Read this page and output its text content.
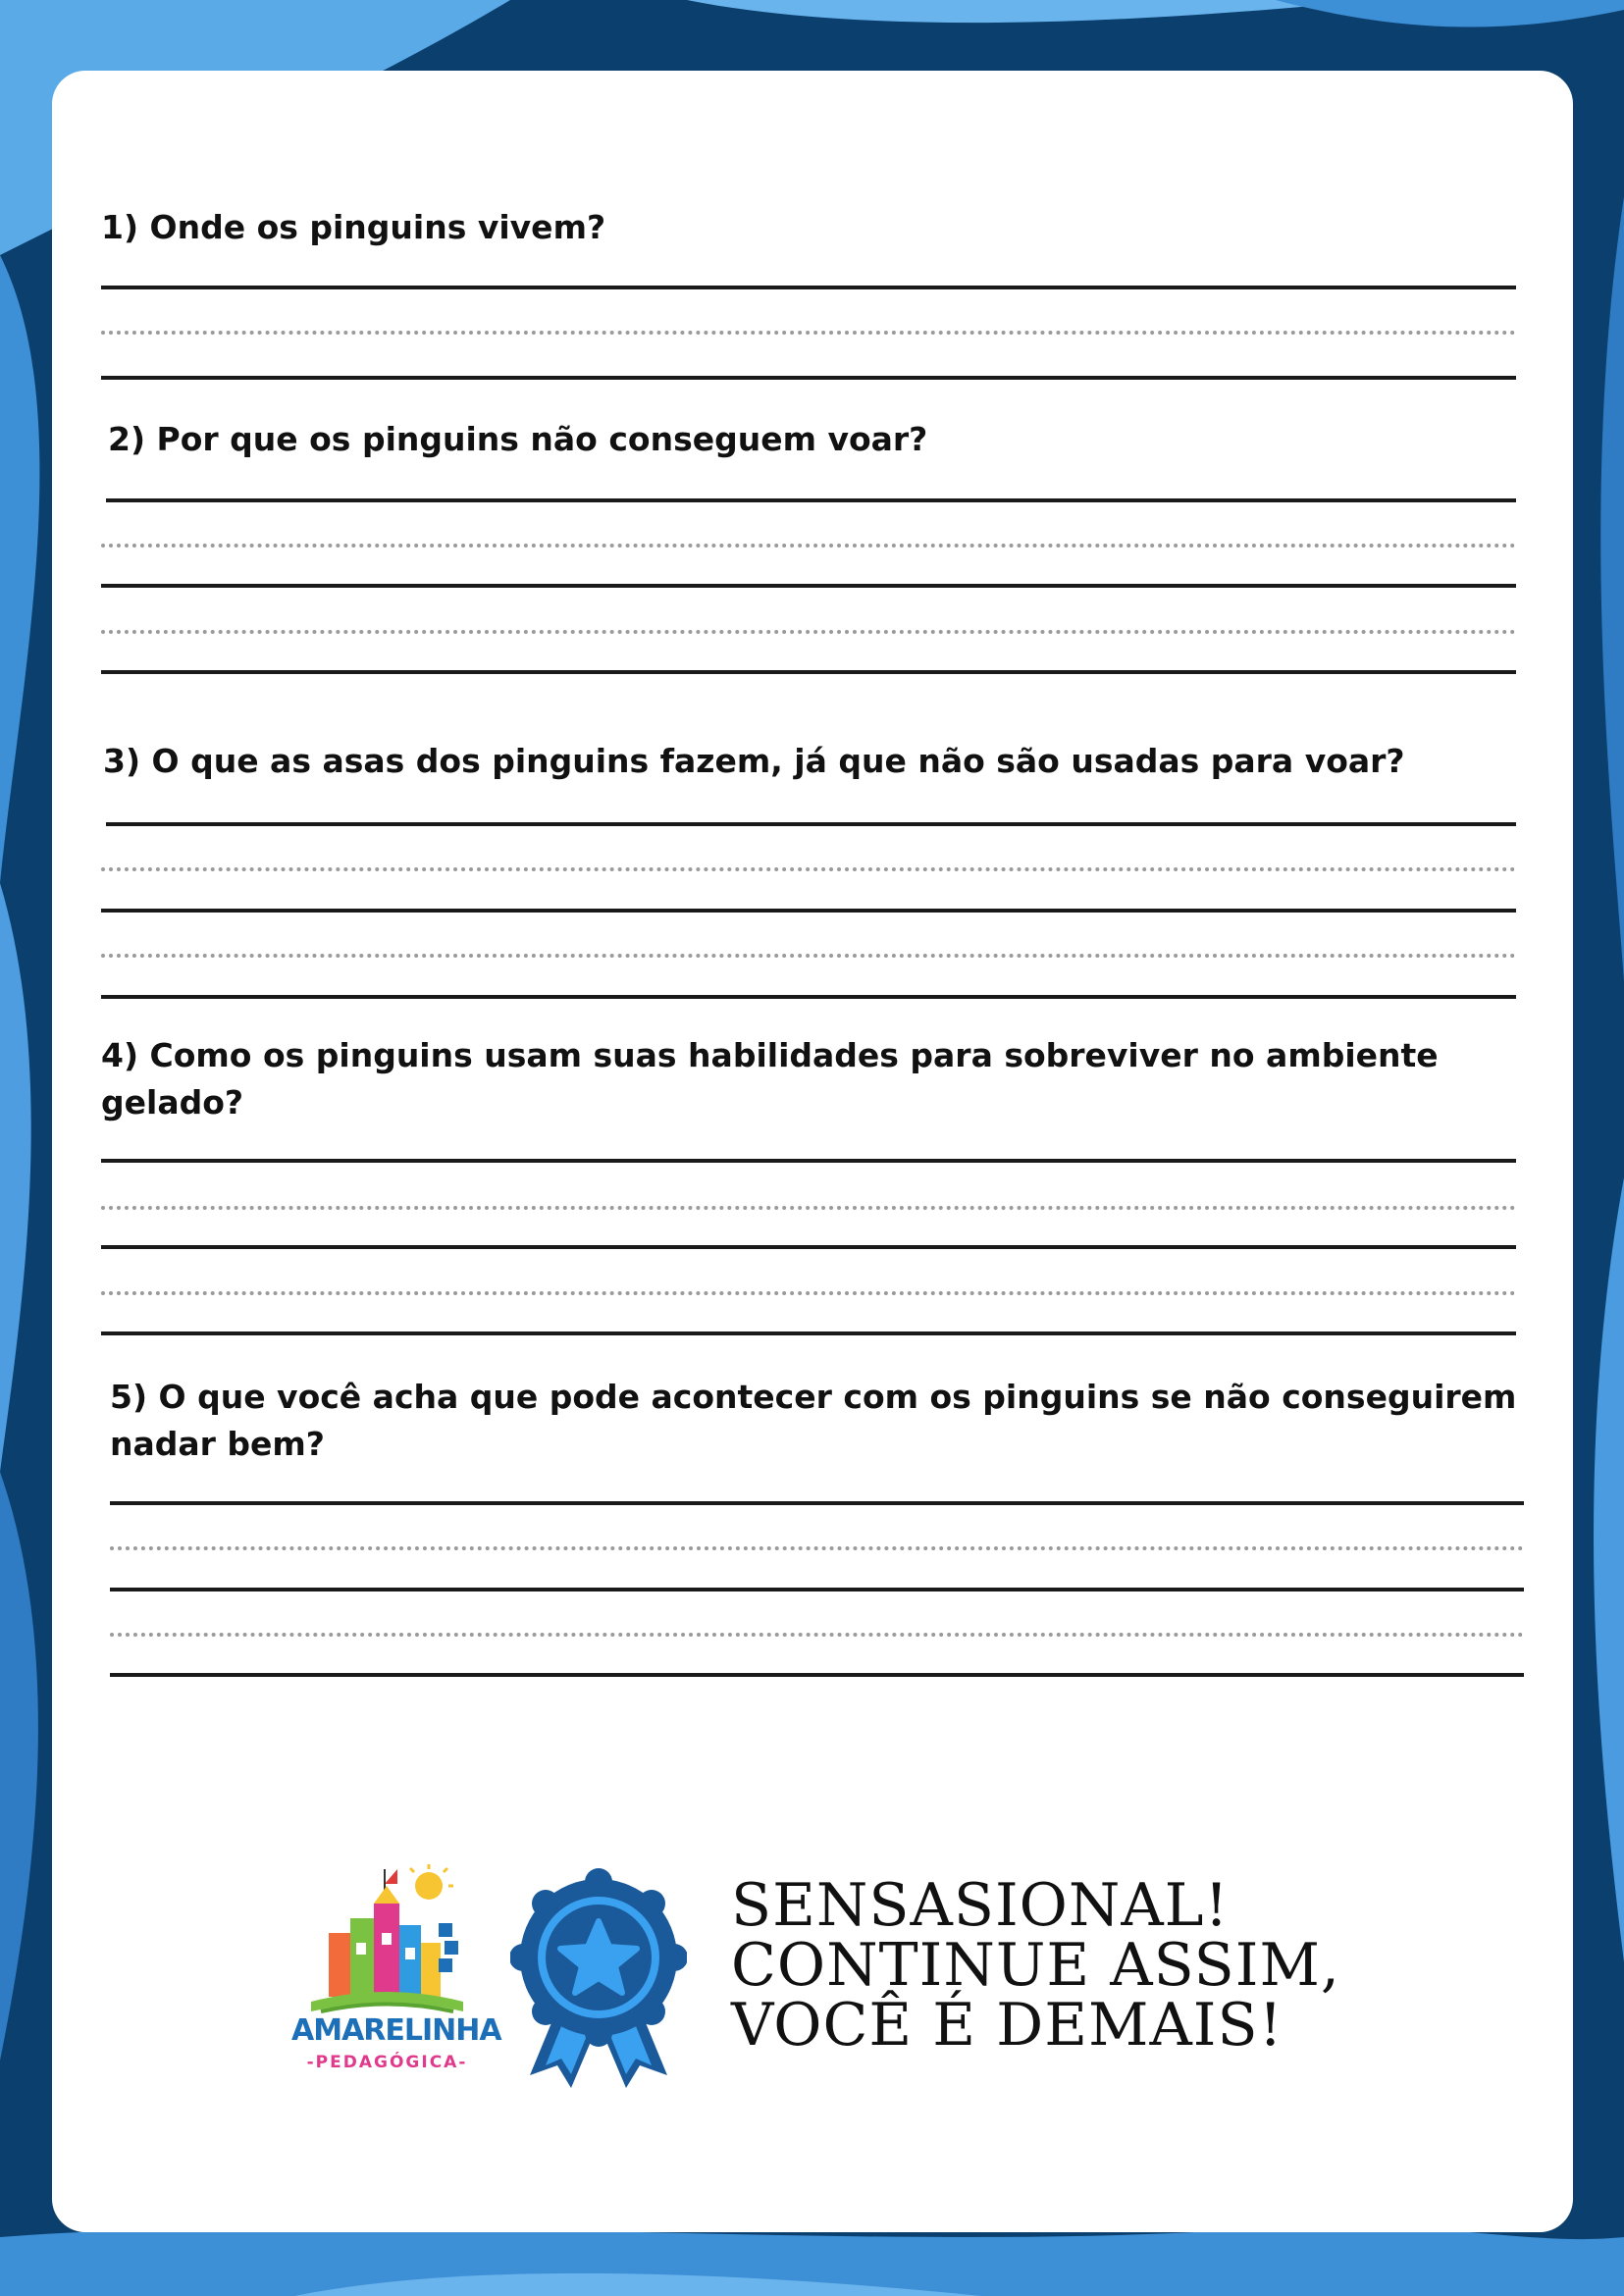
1) Onde os pinguins vivem?

2) Por que os pinguins não conseguem voar?

3) O que as asas dos pinguins fazem, já que não são usadas para voar?

4) Como os pinguins usam suas habilidades para sobreviver no ambiente gelado?

5) O que você acha que pode acontecer com os pinguins se não conseguirem nadar bem?

AMARELINHA
-PEDAGÓGICA-

SENSASIONAL!
CONTINUE ASSIM,
VOCÊ É DEMAIS!
